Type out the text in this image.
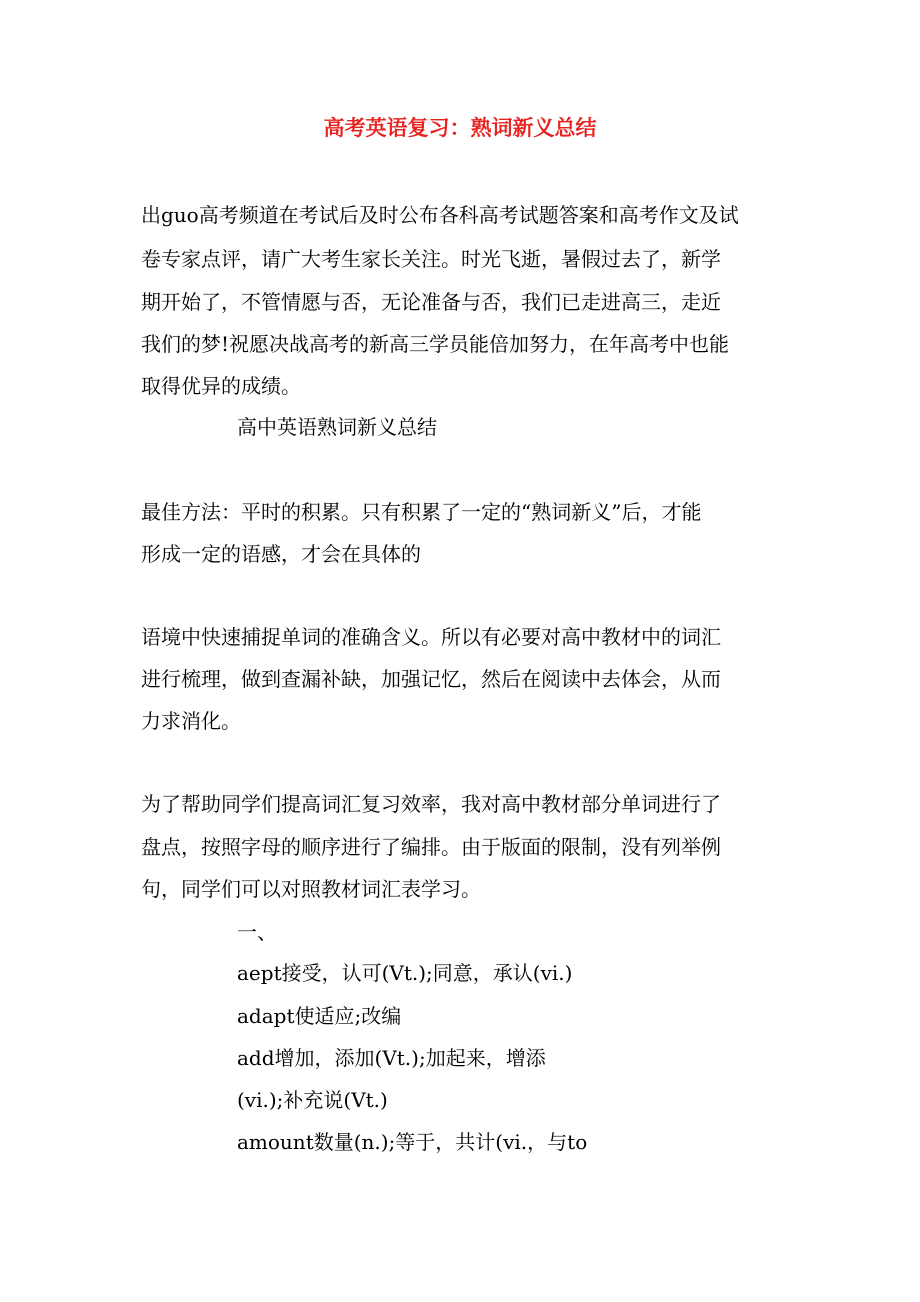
高考英语复习：熟词新义总结

出guo高考频道在考试后及时公布各科高考试题答案和高考作文及试

卷专家点评，请广大考生家长关注。时光飞逝，暑假过去了，新学

期开始了，不管情愿与否，无论准备与否，我们已走进高三，走近

我们的梦!祝愿决战高考的新高三学员能倍加努力，在年高考中也能

取得优异的成绩。

高中英语熟词新义总结

最佳方法：平时的积累。只有积累了一定的“熟词新义”后，才能

形成一定的语感，才会在具体的

语境中快速捕捉单词的准确含义。所以有必要对高中教材中的词汇

进行梳理，做到查漏补缺，加强记忆，然后在阅读中去体会，从而

力求消化。

为了帮助同学们提高词汇复习效率，我对高中教材部分单词进行了

盘点，按照字母的顺序进行了编排。由于版面的限制，没有列举例

句，同学们可以对照教材词汇表学习。

一、

aept接受，认可(Vt.);同意，承认(vi.)

adapt使适应;改编

add增加，添加(Vt.);加起来，增添

(vi.);补充说(Vt.)

amount数量(n.);等于，共计(vi.，与to
